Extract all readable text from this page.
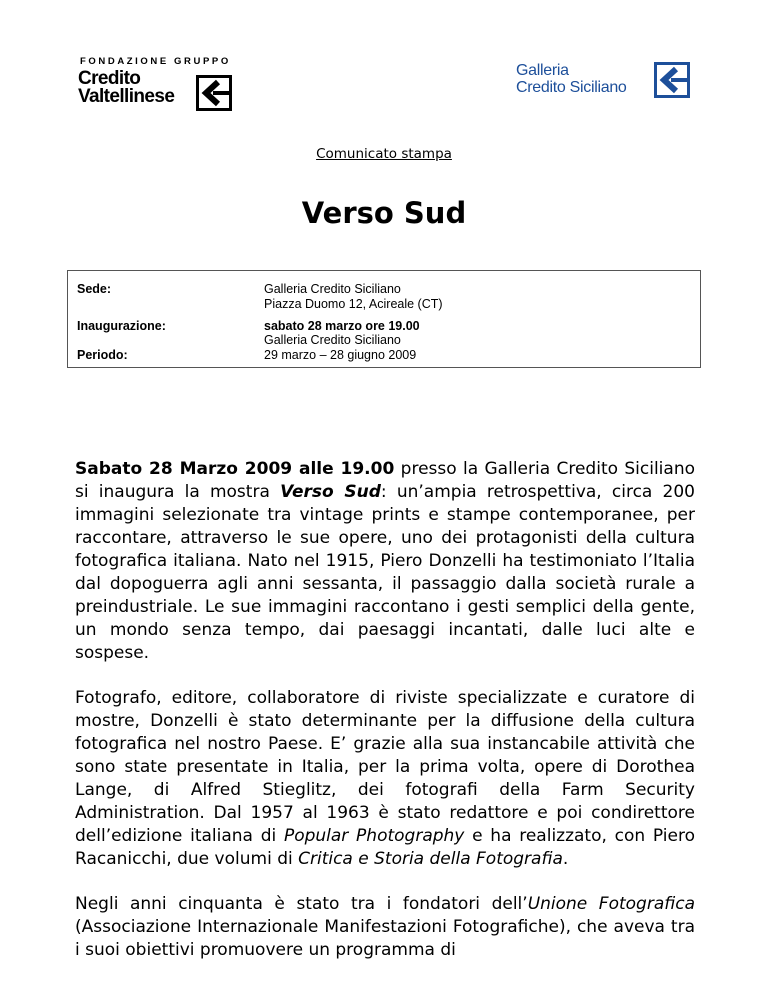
FONDAZIONE GRUPPO
Credito
Valtellinese
Galleria
Credito Siciliano
Comunicato stampa
Verso Sud
Sede:	Galleria Credito Siciliano
Piazza Duomo 12, Acireale (CT)
Inaugurazione:	sabato 28 marzo ore 19.00
Galleria Credito Siciliano
Periodo:	29 marzo – 28 giugno 2009

Sabato 28 Marzo 2009 alle 19.00 presso la Galleria Credito Siciliano si inaugura la mostra Verso Sud: un’ampia retrospettiva, circa 200 immagini selezionate tra vintage prints e stampe contemporanee, per raccontare, attraverso le sue opere, uno dei protagonisti della cultura fotografica italiana. Nato nel 1915, Piero Donzelli ha testimoniato l’Italia dal dopoguerra agli anni sessanta, il passaggio dalla società rurale a preindustriale. Le sue immagini raccontano i gesti semplici della gente, un mondo senza tempo, dai paesaggi incantati, dalle luci alte e sospese.

Fotografo, editore, collaboratore di riviste specializzate e curatore di mostre, Donzelli è stato determinante per la diffusione della cultura fotografica nel nostro Paese. E’ grazie alla sua instancabile attività che sono state presentate in Italia, per la prima volta, opere di Dorothea Lange, di Alfred Stieglitz, dei fotografi della Farm Security Administration. Dal 1957 al 1963 è stato redattore e poi condirettore dell’edizione italiana di Popular Photography e ha realizzato, con Piero Racanicchi, due volumi di Critica e Storia della Fotografia.

Negli anni cinquanta è stato tra i fondatori dell’Unione Fotografica (Associazione Internazionale Manifestazioni Fotografiche), che aveva tra i suoi obiettivi promuovere un programma di
